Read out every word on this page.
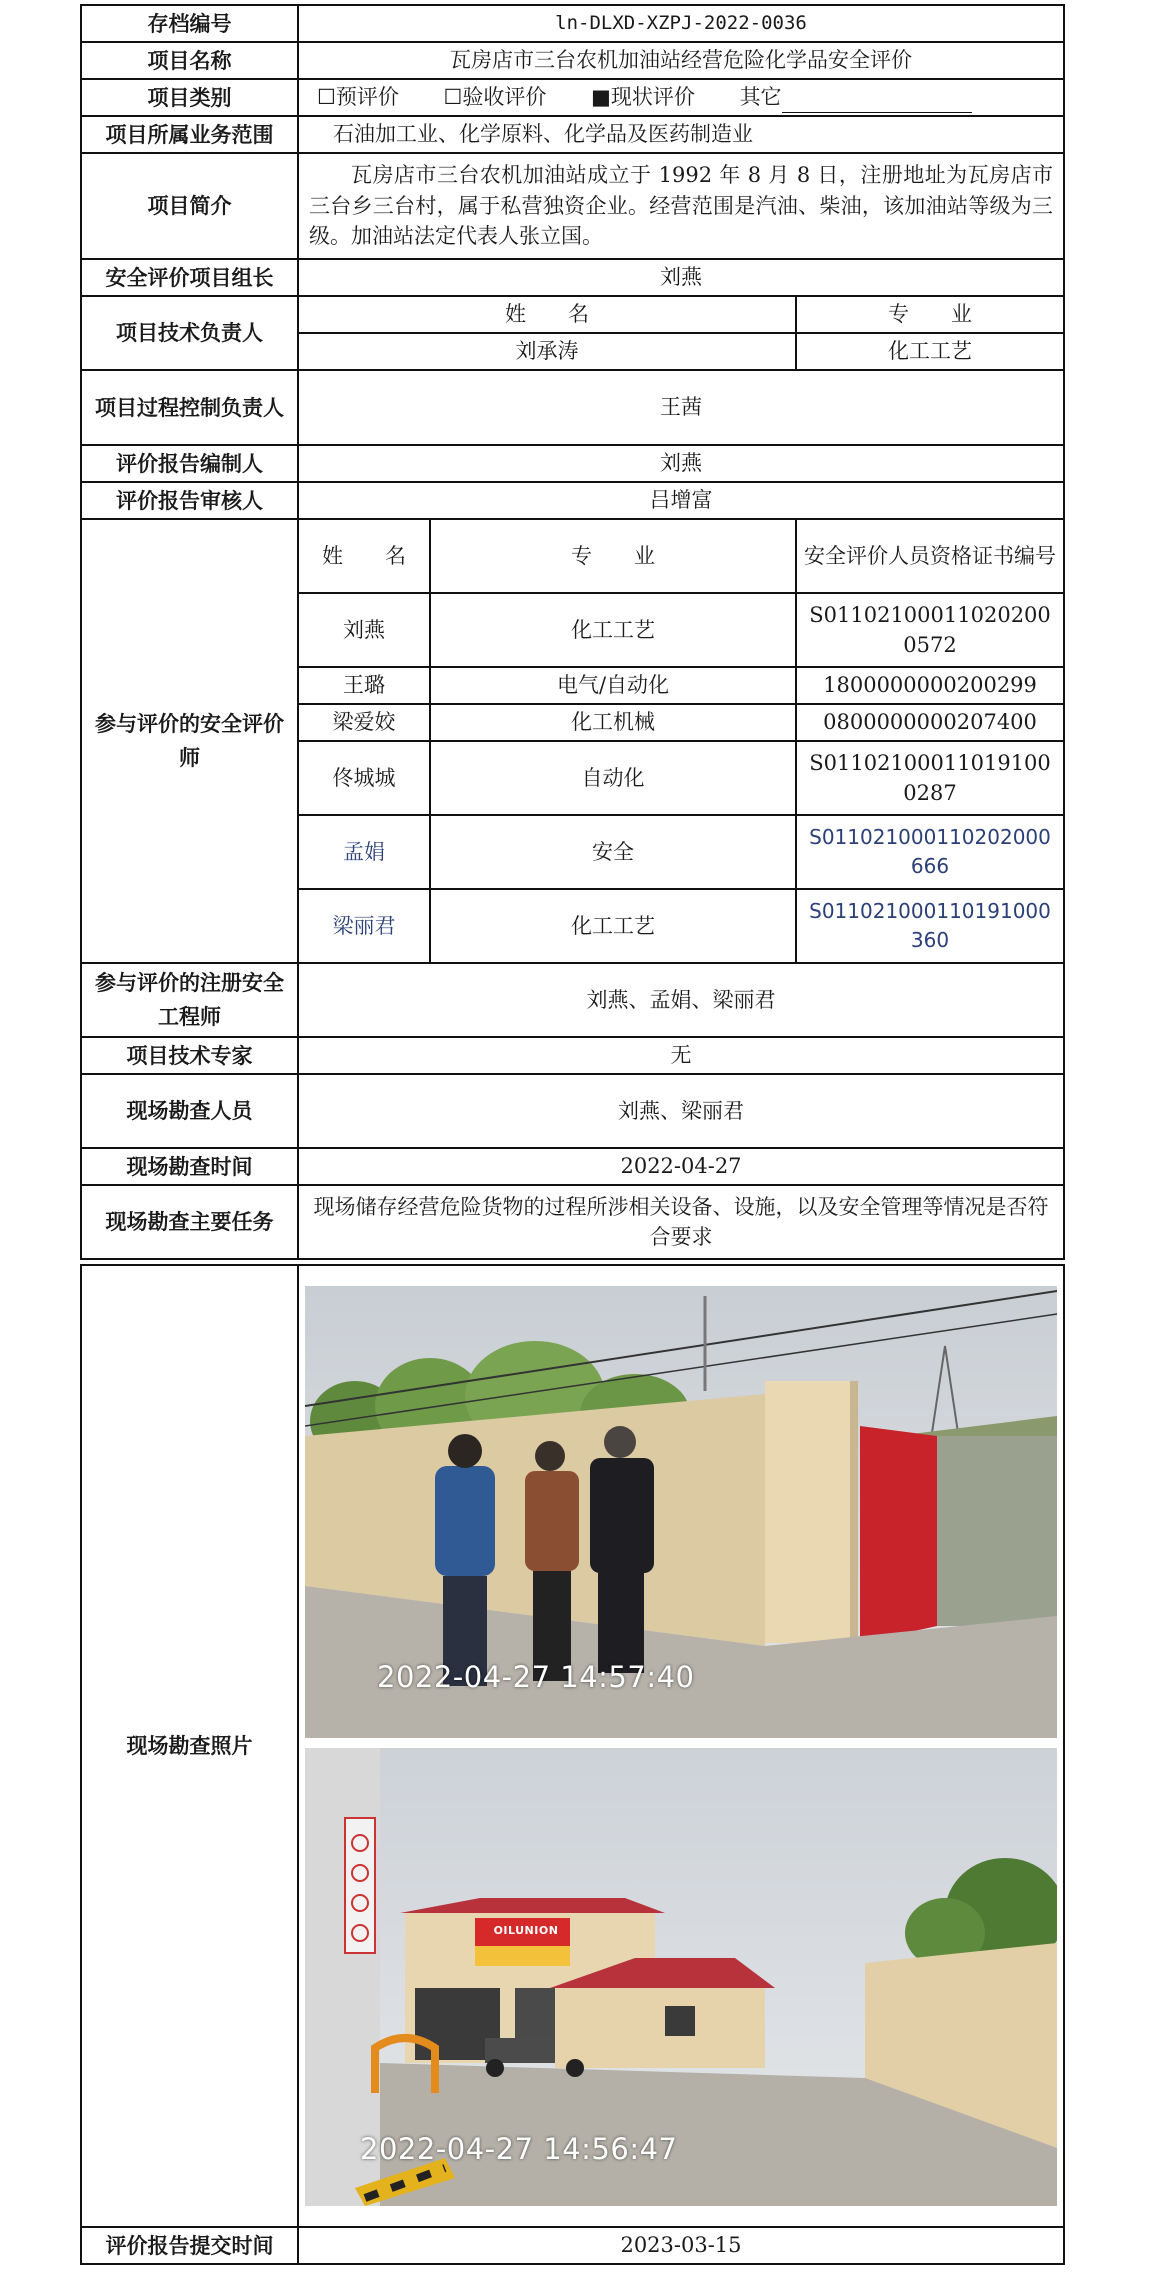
存档编号	ln-DLXD-XZPJ-2022-0036		
项目名称	瓦房店市三台农机加油站经营危险化学品安全评价		
项目类别	☐预评价 ☐验收评价 ■现状评价 其它		
项目所属业务范围	石油加工业、化学原料、化学品及医药制造业		
项目简介	瓦房店市三台农机加油站成立于 1992 年 8 月 8 日，注册地址为瓦房店市三台乡三台村，属于私营独资企业。经营范围是汽油、柴油，该加油站等级为三级。加油站法定代表人张立国。		
安全评价项目组长	刘燕		
项目技术负责人	姓　　名		专　　业
	刘承涛		化工工艺
项目过程控制负责人	王茜		
评价报告编制人	刘燕		
评价报告审核人	吕增富		
参与评价的安全评价师	姓　　名	专　　业	安全评价人员资格证书编号
	刘燕	化工工艺	S011021000110202000572
	王璐	电气/自动化	1800000000200299
	梁爱姣	化工机械	0800000000207400
	佟城城	自动化	S011021000110191000287
	孟娟	安全	S011021000110202000666
	梁丽君	化工工艺	S011021000110191000360
参与评价的注册安全工程师	刘燕、孟娟、梁丽君		
项目技术专家	无		
现场勘查人员	刘燕、梁丽君		
现场勘查时间	2022-04-27		
现场勘查主要任务	现场储存经营危险货物的过程所涉相关设备、设施，以及安全管理等情况是否符合要求		
现场勘查照片	2022-04-27 14:57:40
OILUNION
2022-04-27 14:56:47

评价报告提交时间	2023-03-15
